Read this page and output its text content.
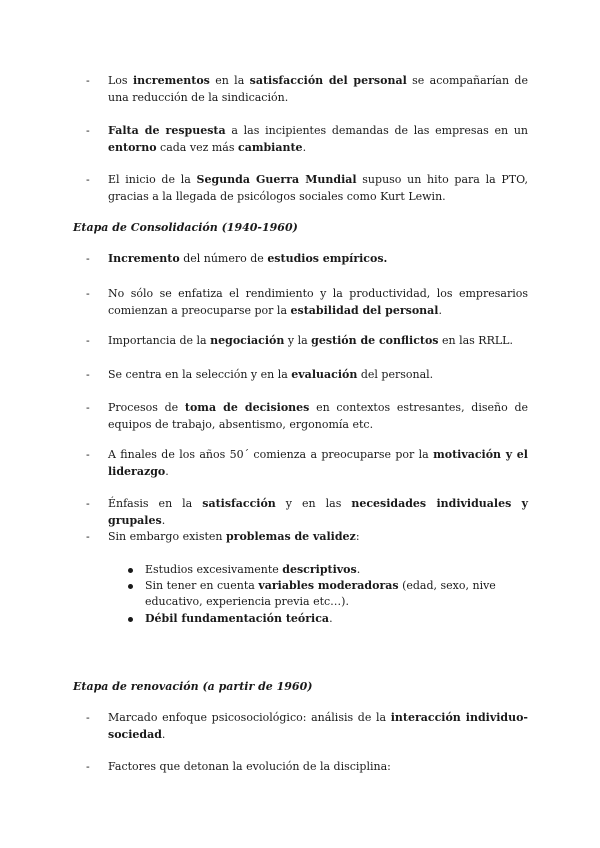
-	Los incrementos en la satisfacción del personal se acompañarían de una reducción de la sindicación.
-	Falta de respuesta a las incipientes demandas de las empresas en un entorno cada vez más cambiante.
-	El inicio de la Segunda Guerra Mundial supuso un hito para la PTO, gracias a la llegada de psicólogos sociales como Kurt Lewin.
Etapa de Consolidación (1940-1960)
-	Incremento del número de estudios empíricos.
-	No sólo se enfatiza el rendimiento y la productividad, los empresarios comienzan a preocuparse por la estabilidad del personal.
-	Importancia de la negociación y la gestión de conflictos en las RRLL.
-	Se centra en la selección y en la evaluación del personal.
-	Procesos de toma de decisiones en contextos estresantes, diseño de equipos de trabajo, absentismo, ergonomía etc.
-	A finales de los años 50´ comienza a preocuparse por la motivación y el liderazgo.
-	Énfasis en la satisfacción y en las necesidades individuales y grupales.
-	Sin embargo existen problemas de validez:
Estudios excesivamente descriptivos.
Sin tener en cuenta variables moderadoras (edad, sexo, nive educativo, experiencia previa etc…).
Débil fundamentación teórica.
Etapa de renovación (a partir de 1960)
-	Marcado enfoque psicosociológico: análisis de la interacción individuo-sociedad.
-	Factores que detonan la evolución de la disciplina:
